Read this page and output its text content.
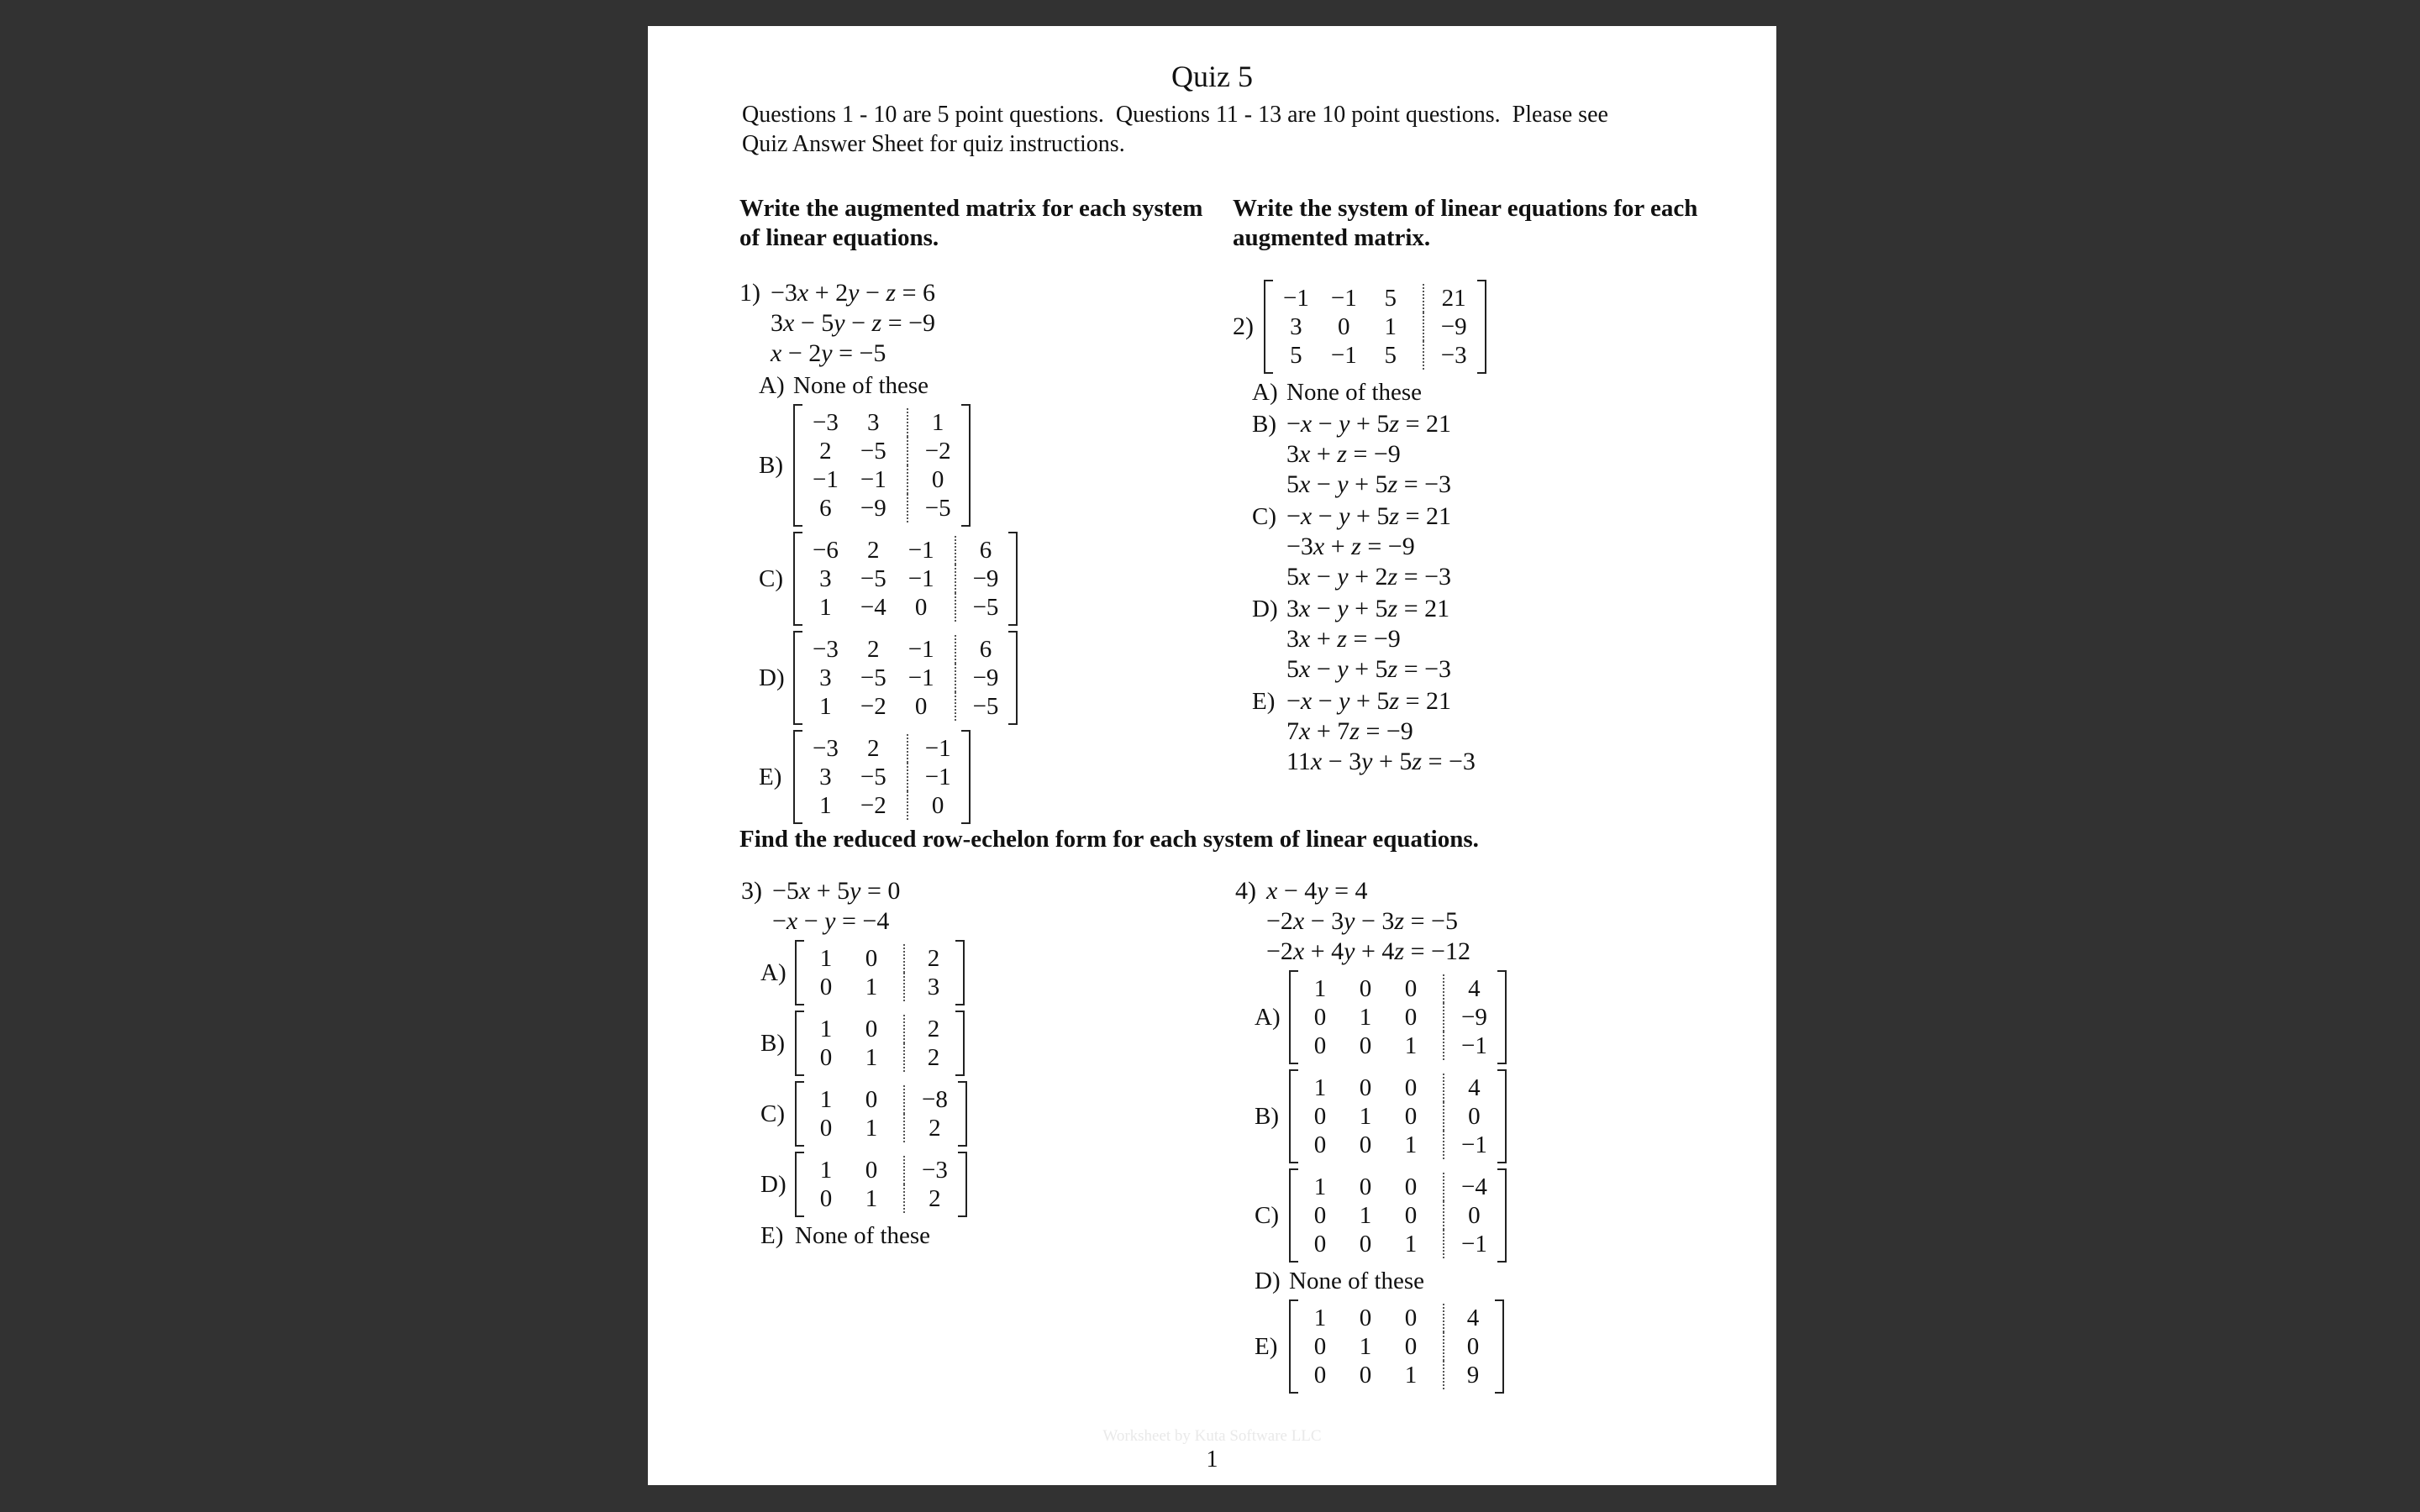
Quiz 5
Questions 1 - 10 are 5 point questions.  Questions 11 - 13 are 10 point questions.  Please see
Quiz Answer Sheet for quiz instructions.
Write the augmented matrix for each system
of linear equations.
1) −3x + 2y − z = 6
3x − 5y − z = −9
x − 2y = −5
A) None of these
B)
−3 3	1
2 −5	−2
−1 −1	0
6 −9	−5
C)
−6 2 −1	6
3 −5 −1	−9
1 −4 0	−5
D)
−3 2 −1	6
3 −5 −1	−9
1 −2 0	−5
E)
−3 2	−1
3 −5	−1
1 −2	0
Write the system of linear equations for each
augmented matrix.
2)
−1 −1 5	21
3 0 1	−9
5 −1 5	−3
A) None of these
B) −x − y + 5z = 21
3x + z = −9
5x − y + 5z = −3
C) −x − y + 5z = 21
−3x + z = −9
5x − y + 2z = −3
D) 3x − y + 5z = 21
3x + z = −9
5x − y + 5z = −3
E) −x − y + 5z = 21
7x + 7z = −9
11x − 3y + 5z = −3
Find the reduced row-echelon form for each system of linear equations.
3) −5x + 5y = 0
−x − y = −4
A)
1 0	2
0 1	3
B)
1 0	2
0 1	2
C)
1 0	−8
0 1	2
D)
1 0	−3
0 1	2
E) None of these
4) x − 4y = 4
−2x − 3y − 3z = −5
−2x + 4y + 4z = −12
A)
1 0 0	4
0 1 0	−9
0 0 1	−1
B)
1 0 0	4
0 1 0	0
0 0 1	−1
C)
1 0 0	−4
0 1 0	0
0 0 1	−1
D) None of these
E)
1 0 0	4
0 1 0	0
0 0 1	9
Worksheet by Kuta Software LLC
1
